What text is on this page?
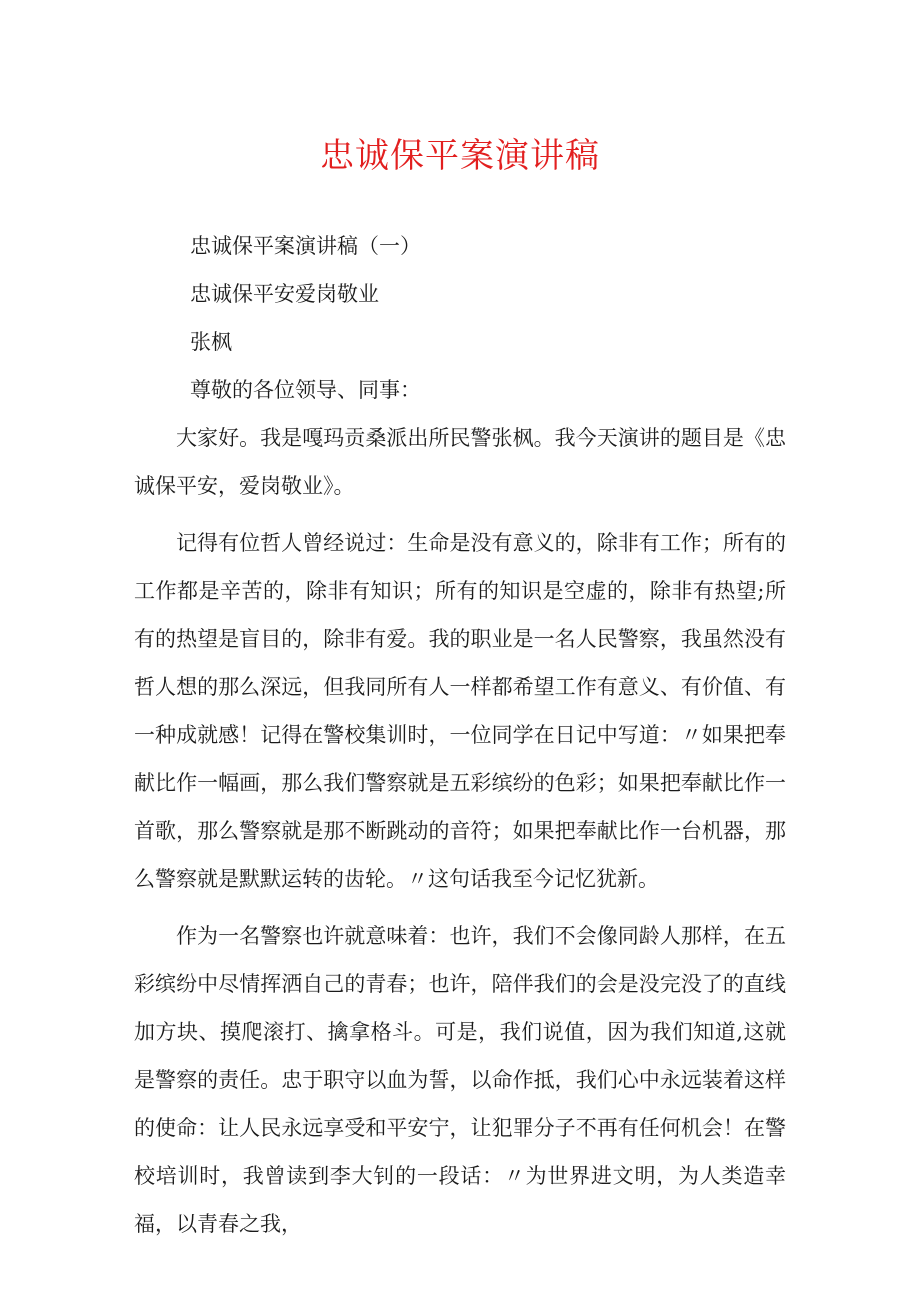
忠诚保平案演讲稿

忠诚保平案演讲稿（一）

忠诚保平安爱岗敬业

张枫

尊敬的各位领导、同事：

大家好。我是嘎玛贡桑派出所民警张枫。我今天演讲的题目是《忠诚保平安，爱岗敬业》。

记得有位哲人曾经说过：生命是没有意义的，除非有工作；所有的工作都是辛苦的，除非有知识；所有的知识是空虚的，除非有热望;所有的热望是盲目的，除非有爱。我的职业是一名人民警察，我虽然没有哲人想的那么深远，但我同所有人一样都希望工作有意义、有价值、有一种成就感！记得在警校集训时，一位同学在日记中写道：〃如果把奉献比作一幅画，那么我们警察就是五彩缤纷的色彩；如果把奉献比作一首歌，那么警察就是那不断跳动的音符；如果把奉献比作一台机器，那么警察就是默默运转的齿轮。〃这句话我至今记忆犹新。

作为一名警察也许就意味着：也许，我们不会像同龄人那样，在五彩缤纷中尽情挥洒自己的青春；也许，陪伴我们的会是没完没了的直线加方块、摸爬滚打、擒拿格斗。可是，我们说值，因为我们知道,这就是警察的责任。忠于职守以血为誓，以命作抵，我们心中永远装着这样的使命：让人民永远享受和平安宁，让犯罪分子不再有任何机会！在警校培训时，我曾读到李大钊的一段话：〃为世界进文明，为人类造幸福，以青春之我，
